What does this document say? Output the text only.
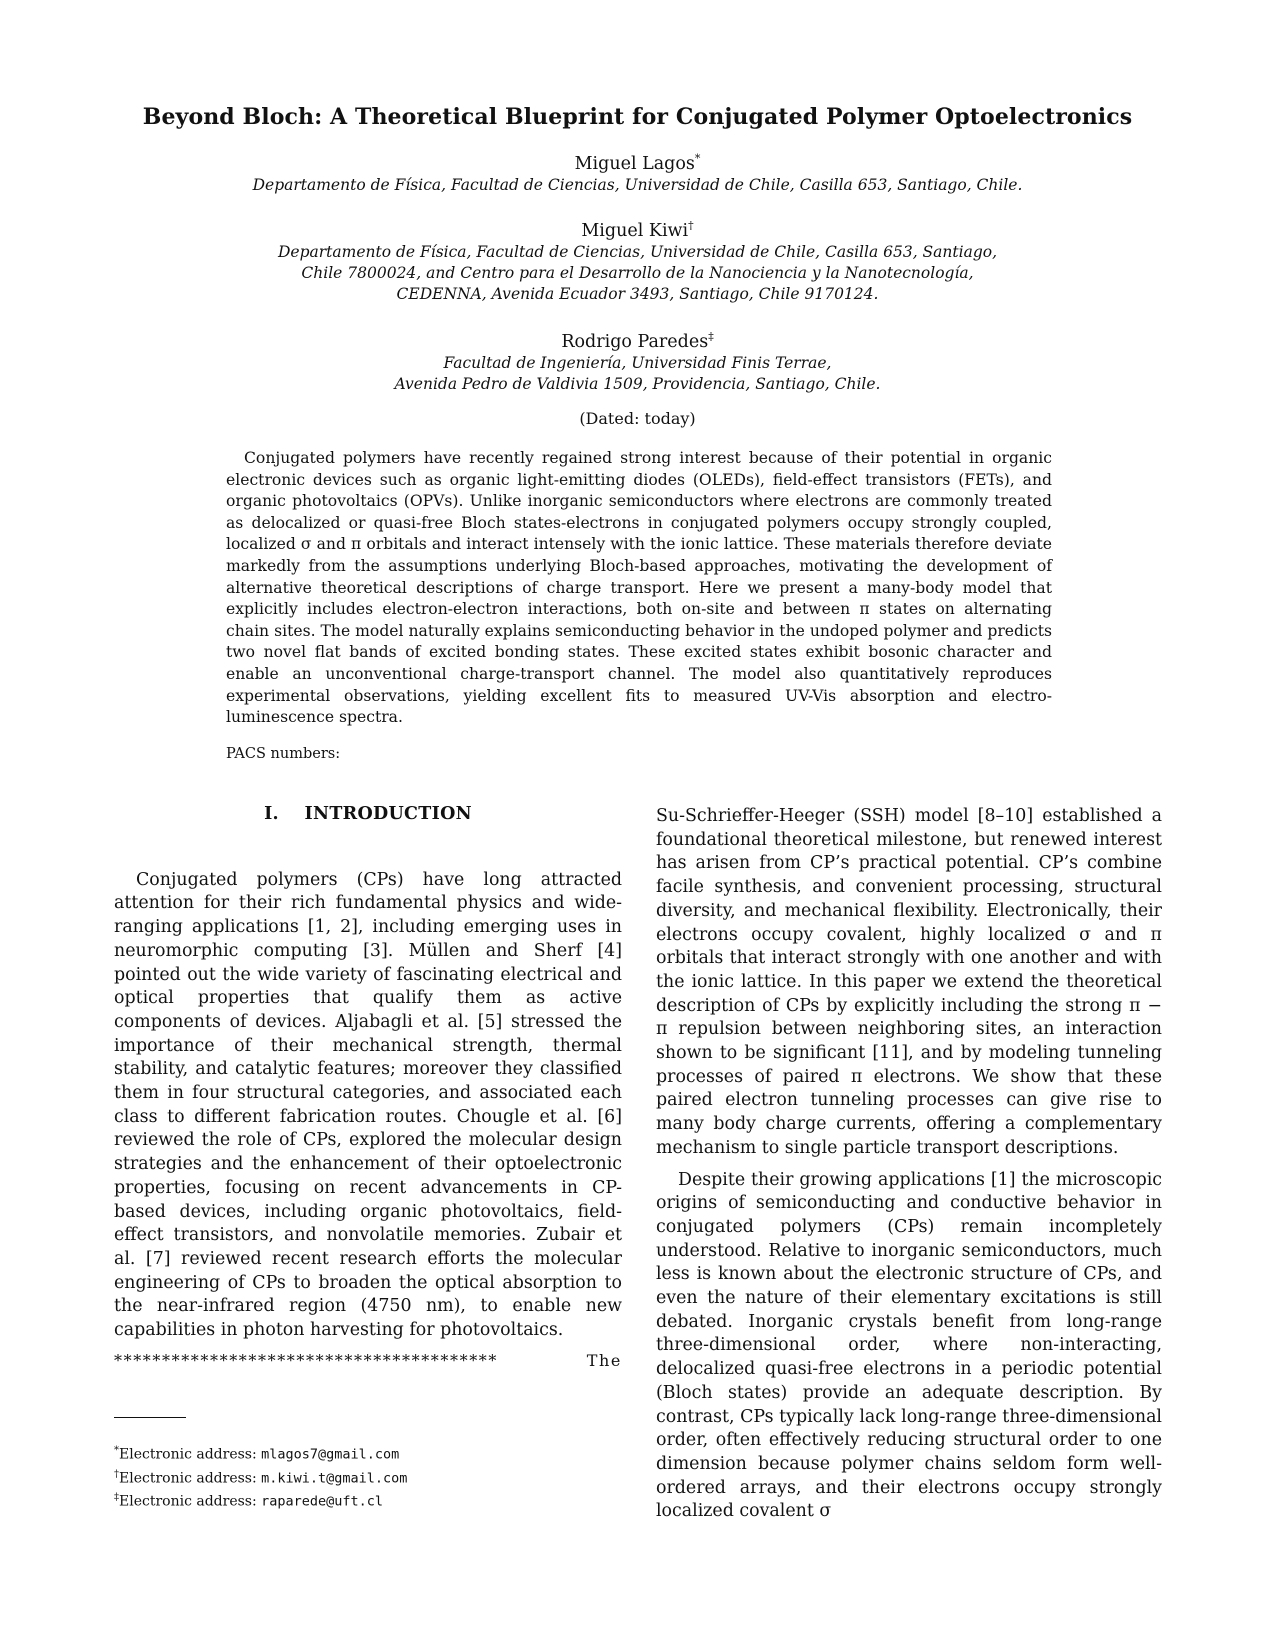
Beyond Bloch: A Theoretical Blueprint for Conjugated Polymer Optoelectronics
Miguel Lagos*
Departamento de Física, Facultad de Ciencias, Universidad de Chile, Casilla 653, Santiago, Chile.
Miguel Kiwi†
Departamento de Física, Facultad de Ciencias, Universidad de Chile, Casilla 653, Santiago,
Chile 7800024, and Centro para el Desarrollo de la Nanociencia y la Nanotecnología,
CEDENNA, Avenida Ecuador 3493, Santiago, Chile 9170124.
Rodrigo Paredes‡
Facultad de Ingeniería, Universidad Finis Terrae,
Avenida Pedro de Valdivia 1509, Providencia, Santiago, Chile.
(Dated: today)

Conjugated polymers have recently regained strong interest because of their potential in organic electronic devices such as organic light-emitting diodes (OLEDs), field-effect transistors (FETs), and organic photovoltaics (OPVs). Unlike inorganic semiconductors where electrons are commonly treated as delocalized or quasi-free Bloch states-electrons in conjugated polymers occupy strongly coupled, localized σ and π orbitals and interact intensely with the ionic lattice. These materials therefore deviate markedly from the assumptions underlying Bloch-based approaches, motivating the development of alternative theoretical descriptions of charge transport. Here we present a many-body model that explicitly includes electron-electron interactions, both on-site and between π states on alternating chain sites. The model naturally explains semiconducting behavior in the undoped polymer and predicts two novel flat bands of excited bonding states. These excited states exhibit bosonic character and enable an unconventional charge-transport channel. The model also quantitatively reproduces experimental observations, yielding excellent fits to measured UV-Vis absorption and electro-luminescence spectra.

PACS numbers:
I. INTRODUCTION

Conjugated polymers (CPs) have long attracted attention for their rich fundamental physics and wide-ranging applications [1, 2], including emerging uses in neuromorphic computing [3]. Müllen and Sherf [4] pointed out the wide variety of fascinating electrical and optical properties that qualify them as active components of devices. Aljabagli et al. [5] stressed the importance of their mechanical strength, thermal stability, and catalytic features; moreover they classified them in four structural categories, and associated each class to different fabrication routes. Chougle et al. [6] reviewed the role of CPs, explored the molecular design strategies and the enhancement of their optoelectronic properties, focusing on recent advancements in CP-based devices, including organic photovoltaics, field-effect transistors, and nonvolatile memories. Zubair et al. [7] reviewed recent research efforts the molecular engineering of CPs to broaden the optical absorption to the near-infrared region (4750 nm), to enable new capabilities in photon harvesting for photovoltaics.

****************************************	The

Su-Schrieffer-Heeger (SSH) model [8–10] established a foundational theoretical milestone, but renewed interest has arisen from CP’s practical potential. CP’s combine facile synthesis, and convenient processing, structural diversity, and mechanical flexibility. Electronically, their electrons occupy covalent, highly localized σ and π orbitals that interact strongly with one another and with the ionic lattice. In this paper we extend the theoretical description of CPs by explicitly including the strong π − π repulsion between neighboring sites, an interaction shown to be significant [11], and by modeling tunneling processes of paired π electrons. We show that these paired electron tunneling processes can give rise to many body charge currents, offering a complementary mechanism to single particle transport descriptions.

Despite their growing applications [1] the microscopic origins of semiconducting and conductive behavior in conjugated polymers (CPs) remain incompletely understood. Relative to inorganic semiconductors, much less is known about the electronic structure of CPs, and even the nature of their elementary excitations is still debated. Inorganic crystals benefit from long-range three-dimensional order, where non-interacting, delocalized quasi-free electrons in a periodic potential (Bloch states) provide an adequate description. By contrast, CPs typically lack long-range three-dimensional order, often effectively reducing structural order to one dimension because polymer chains seldom form well-ordered arrays, and their electrons occupy strongly localized covalent σ

*Electronic address: mlagos7@gmail.com
†Electronic address: m.kiwi.t@gmail.com
‡Electronic address: raparede@uft.cl
